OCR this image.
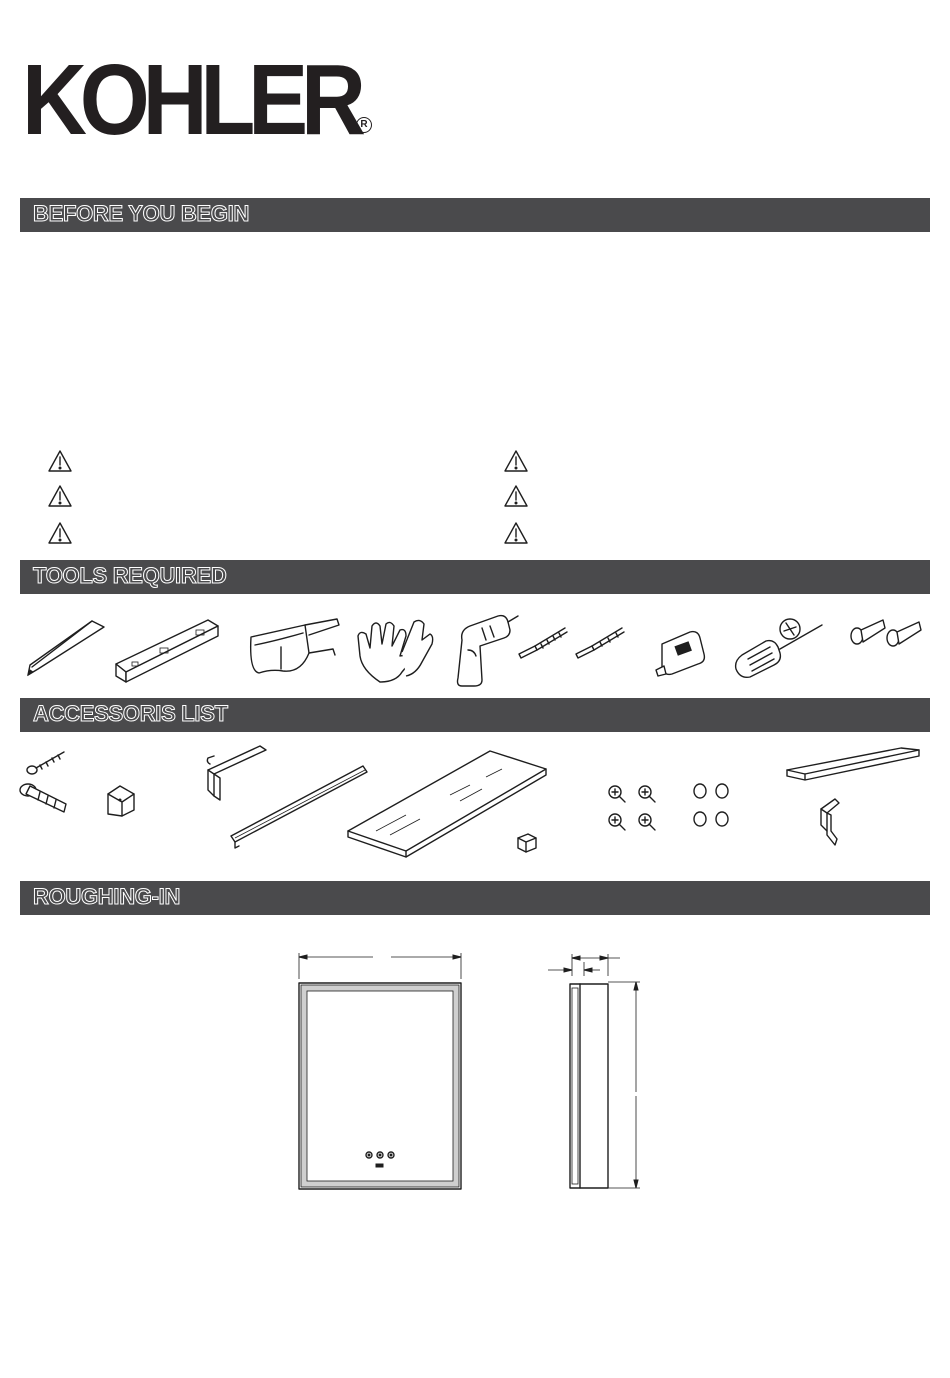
KOHLER R
BEFORE YOU BEGIN
TOOLS REQUIRED
ACCESSORIS LIST
ROUGHING-IN
